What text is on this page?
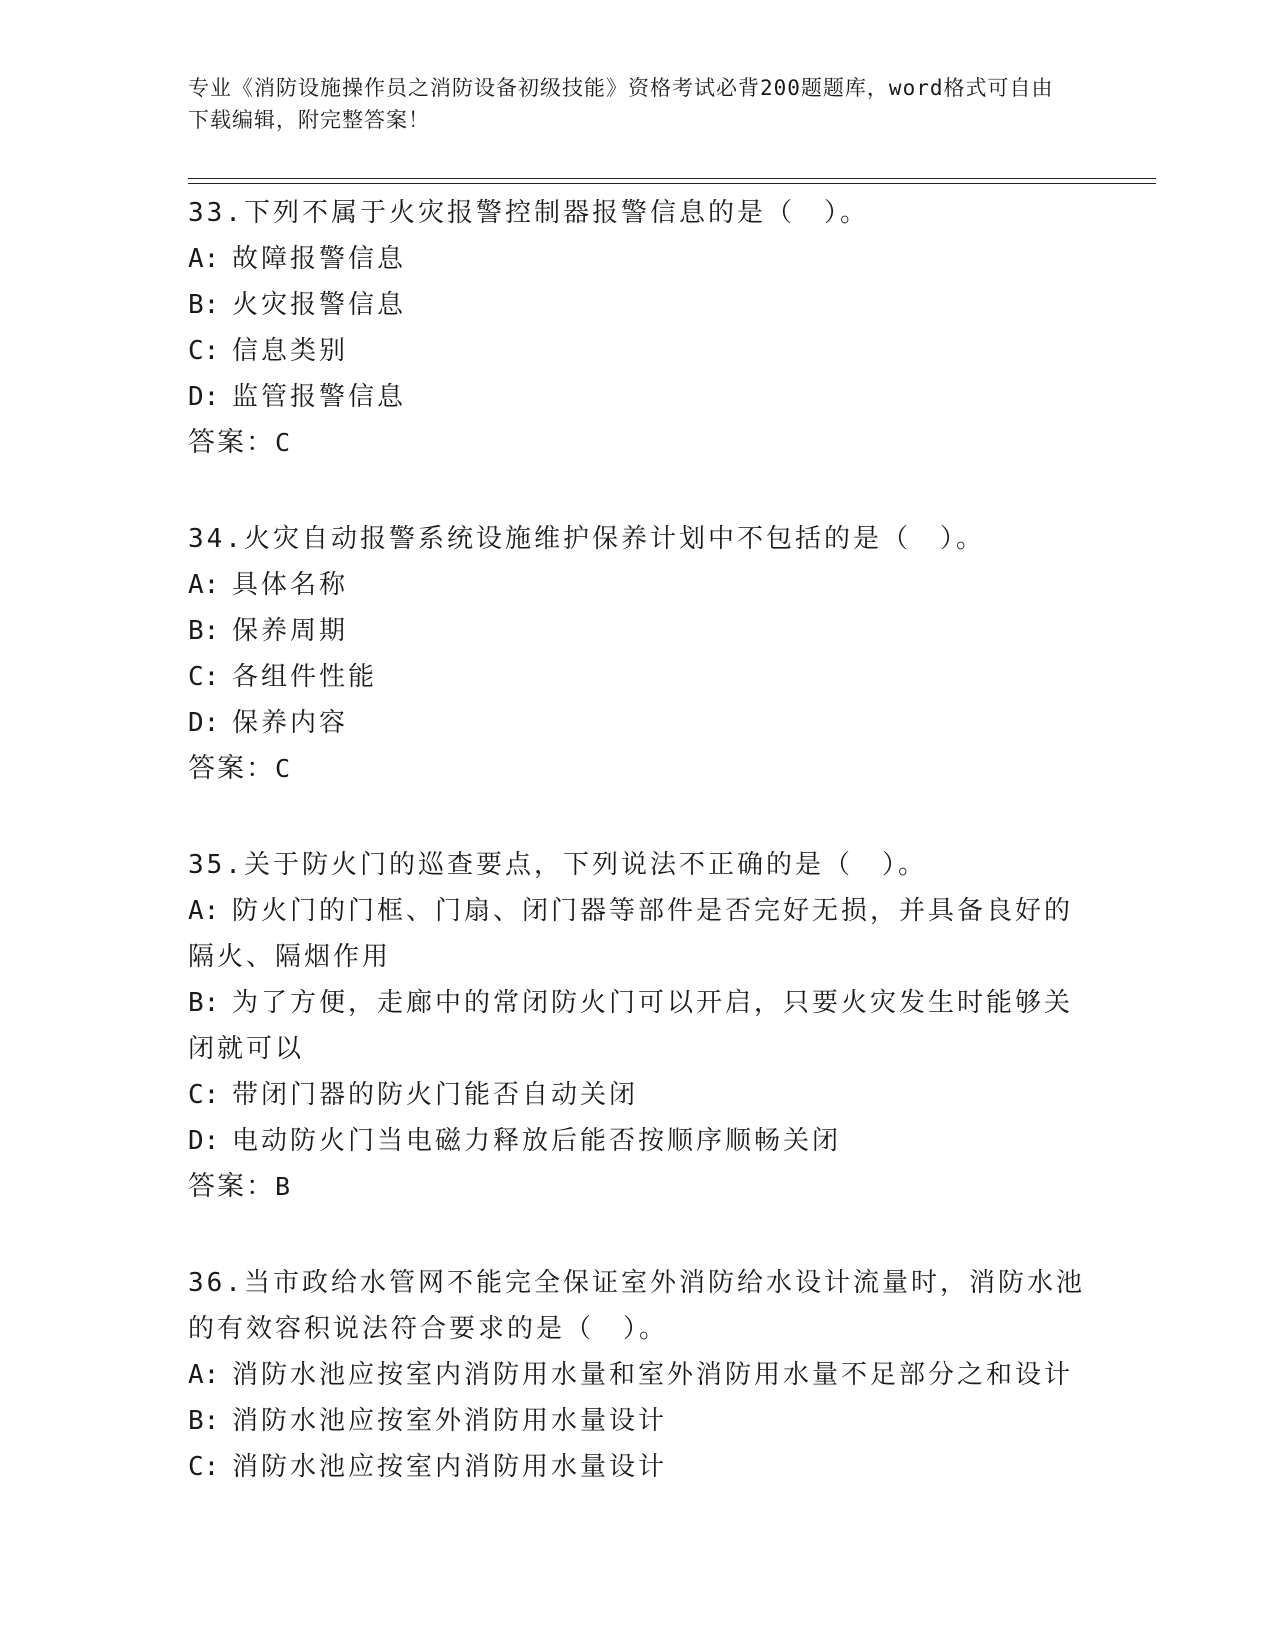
专业《消防设施操作员之消防设备初级技能》资格考试必背200题题库，word格式可自由下载编辑，附完整答案！
33.下列不属于火灾报警控制器报警信息的是（　）。
A: 故障报警信息
B: 火灾报警信息
C: 信息类别
D: 监管报警信息
答案：C
34.火灾自动报警系统设施维护保养计划中不包括的是（　）。
A: 具体名称
B: 保养周期
C: 各组件性能
D: 保养内容
答案：C
35.关于防火门的巡查要点，下列说法不正确的是（　）。
A: 防火门的门框、门扇、闭门器等部件是否完好无损，并具备良好的隔火、隔烟作用
B: 为了方便，走廊中的常闭防火门可以开启，只要火灾发生时能够关闭就可以
C: 带闭门器的防火门能否自动关闭
D: 电动防火门当电磁力释放后能否按顺序顺畅关闭
答案：B
36.当市政给水管网不能完全保证室外消防给水设计流量时，消防水池的有效容积说法符合要求的是（　）。
A: 消防水池应按室内消防用水量和室外消防用水量不足部分之和设计
B: 消防水池应按室外消防用水量设计
C: 消防水池应按室内消防用水量设计
